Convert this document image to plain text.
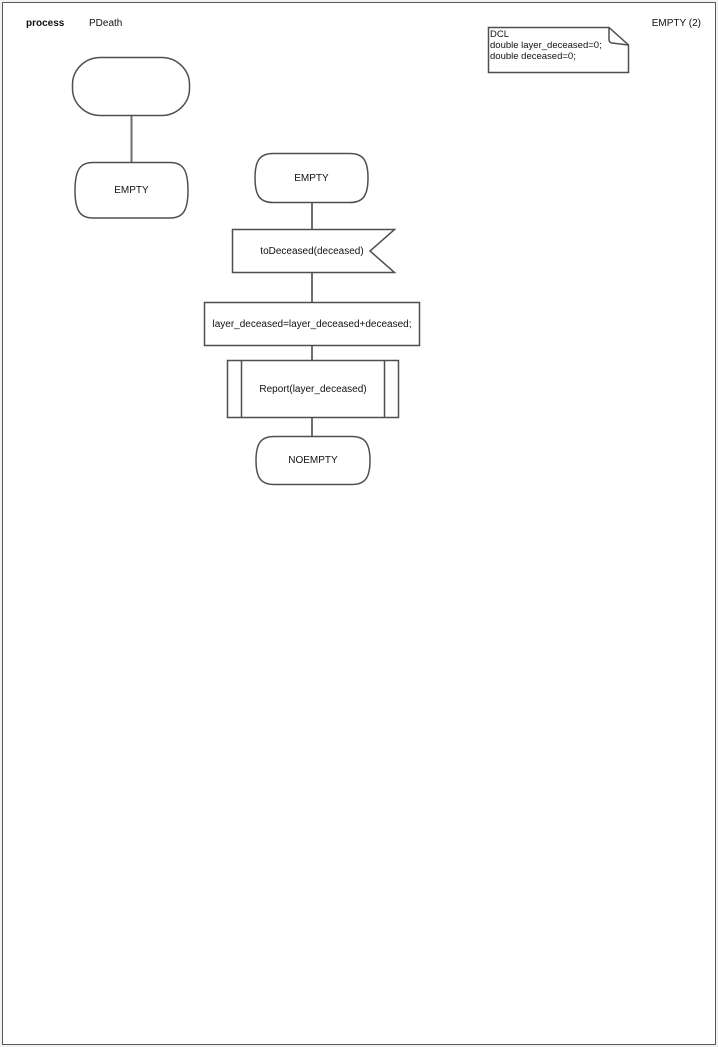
process PDeath	EMPTY (2)
EMPTY
EMPTY
toDeceased(deceased)
layer_deceased=layer_deceased+deceased;
Report(layer_deceased)
NOEMPTY
DCL
double layer_deceased=0;
double deceased=0;
